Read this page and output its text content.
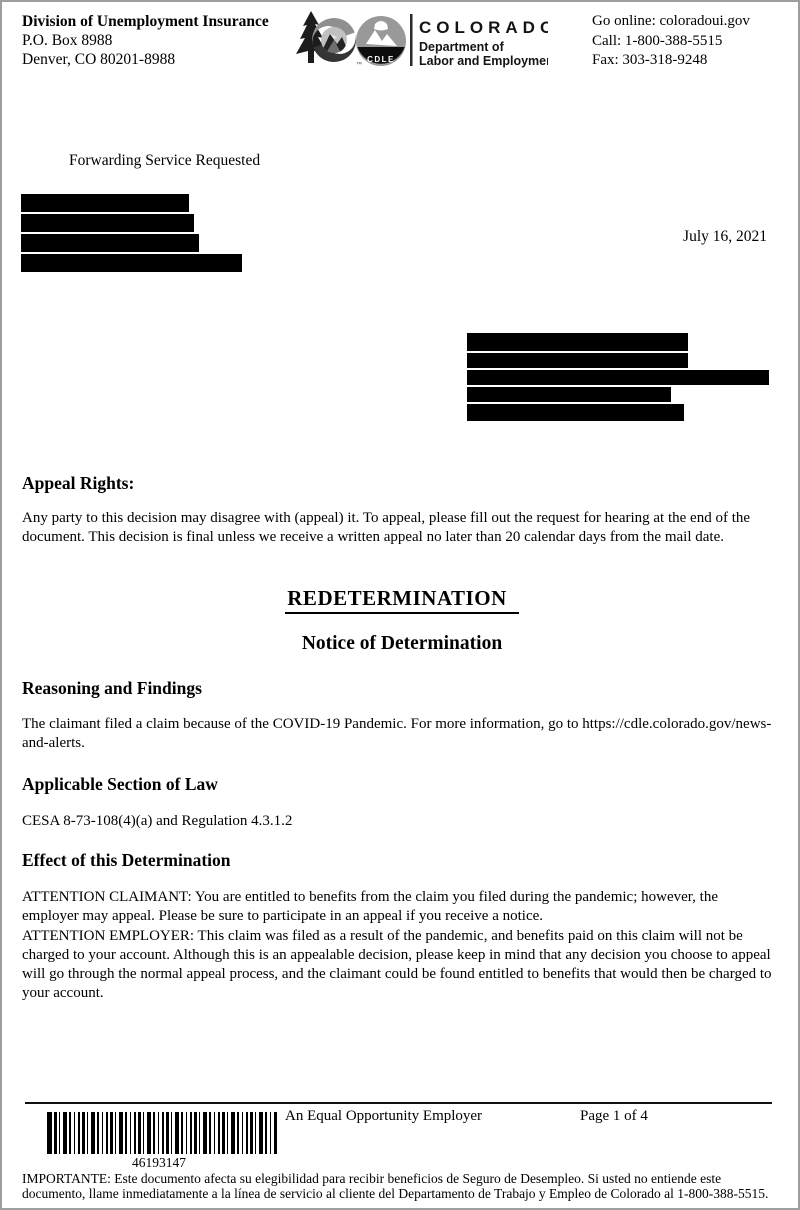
Division of Unemployment Insurance
P.O. Box 8988
Denver, CO 80201-8988	™
CDLE
COLORADO
Department of
Labor and Employment
Go online: coloradoui.gov
Call: 1-800-388-5515
Fax: 303-318-9248
Forwarding Service Requested
July 16, 2021
Appeal Rights:
Any party to this decision may disagree with (appeal) it. To appeal, please fill out the request for hearing at the end of the document. This decision is final unless we receive a written appeal no later than 20 calendar days from the mail date.
REDETERMINATION
Notice of Determination
Reasoning and Findings
The claimant filed a claim because of the COVID-19 Pandemic. For more information, go to https://cdle.colorado.gov/news-and-alerts.
Applicable Section of Law
CESA 8-73-108(4)(a) and Regulation 4.3.1.2
Effect of this Determination

ATTENTION CLAIMANT: You are entitled to benefits from the claim you filed during the pandemic; however, the employer may appeal. Please be sure to participate in an appeal if you receive a notice.

ATTENTION EMPLOYER: This claim was filed as a result of the pandemic, and benefits paid on this claim will not be charged to your account. Although this is an appealable decision, please keep in mind that any decision you choose to appeal will go through the normal appeal process, and the claimant could be found entitled to benefits that would then be charged to your account.

46193147
An Equal Opportunity Employer	Page 1 of 4
IMPORTANTE: Este documento afecta su elegibilidad para recibir beneficios de Seguro de Desempleo. Si usted no entiende este documento, llame inmediatamente a la línea de servicio al cliente del Departamento de Trabajo y Empleo de Colorado al 1-800-388-5515.
